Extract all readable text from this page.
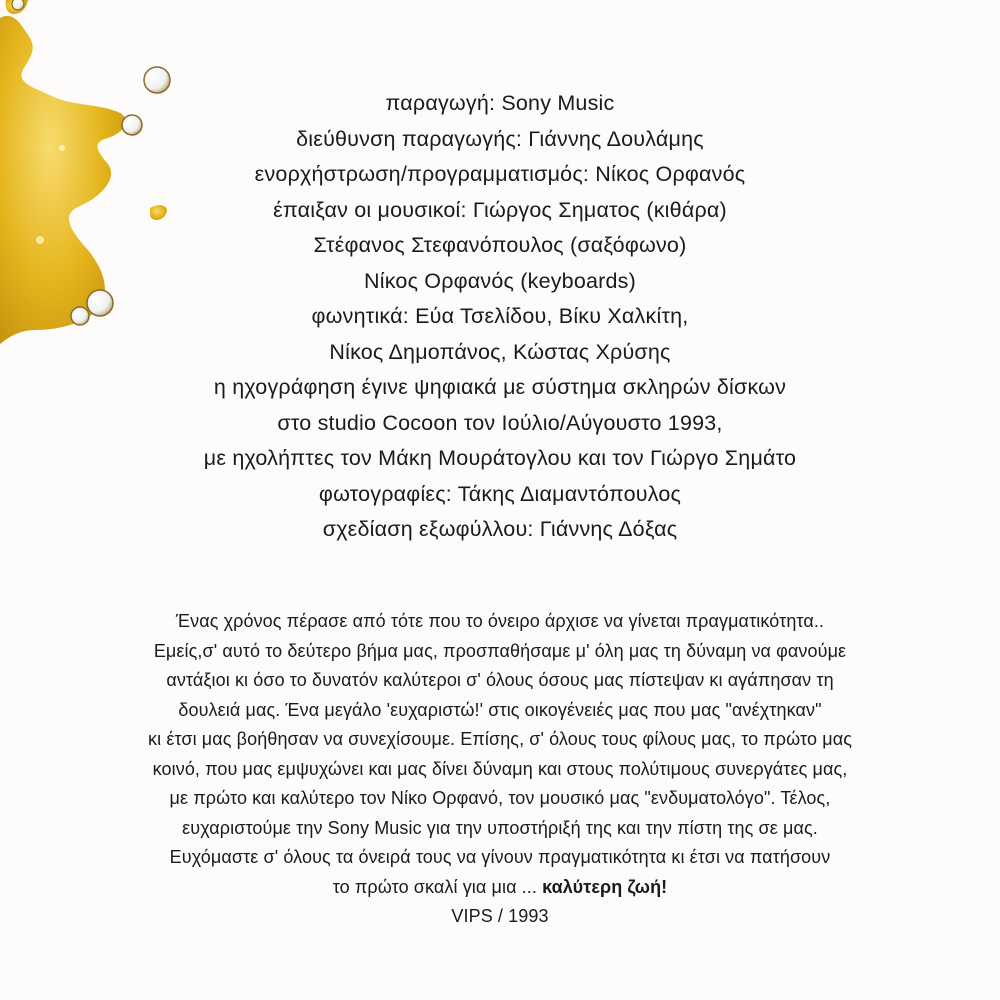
παραγωγή: Sony Music
διεύθυνση παραγωγής: Γιάννης Δουλάμης
ενορχήστρωση/προγραμματισμός: Νίκος Ορφανός
έπαιξαν οι μουσικοί: Γιώργος Σηματος (κιθάρα)
Στέφανος Στεφανόπουλος (σαξόφωνο)
Νίκος Ορφανός (keyboards)
φωνητικά: Εύα Τσελίδου, Βίκυ Χαλκίτη,
Νίκος Δημοπάνος, Κώστας Χρύσης
η ηχογράφηση έγινε ψηφιακά με σύστημα σκληρών δίσκων
στο studio Cocoon τον Ιούλιο/Αύγουστο 1993,
με ηχολήπτες τον Μάκη Μουράτογλου και τον Γιώργο Σημάτο
φωτογραφίες: Τάκης Διαμαντόπουλος
σχεδίαση εξωφύλλου: Γιάννης Δόξας
Ένας χρόνος πέρασε από τότε που το όνειρο άρχισε να γίνεται πραγματικότητα..
Εμείς,σ' αυτό το δεύτερο βήμα μας, προσπαθήσαμε μ' όλη μας τη δύναμη να φανούμε
αντάξιοι κι όσο το δυνατόν καλύτεροι σ' όλους όσους μας πίστεψαν κι αγάπησαν τη
δουλειά μας. Ένα μεγάλο 'ευχαριστώ!' στις οικογένειές μας που μας "ανέχτηκαν"
κι έτσι μας βοήθησαν να συνεχίσουμε. Επίσης, σ' όλους τους φίλους μας, το πρώτο μας
κοινό, που μας εμψυχώνει και μας δίνει δύναμη και στους πολύτιμους συνεργάτες μας,
με πρώτο και καλύτερο τον Νίκο Ορφανό, τον μουσικό μας "ενδυματολόγο". Τέλος,
ευχαριστούμε την Sony Music για την υποστήριξή της και την πίστη της σε μας.
Ευχόμαστε σ' όλους τα όνειρά τους να γίνουν πραγματικότητα κι έτσι να πατήσουν
το πρώτο σκαλί για μια ... καλύτερη ζωή!
VIPS / 1993
